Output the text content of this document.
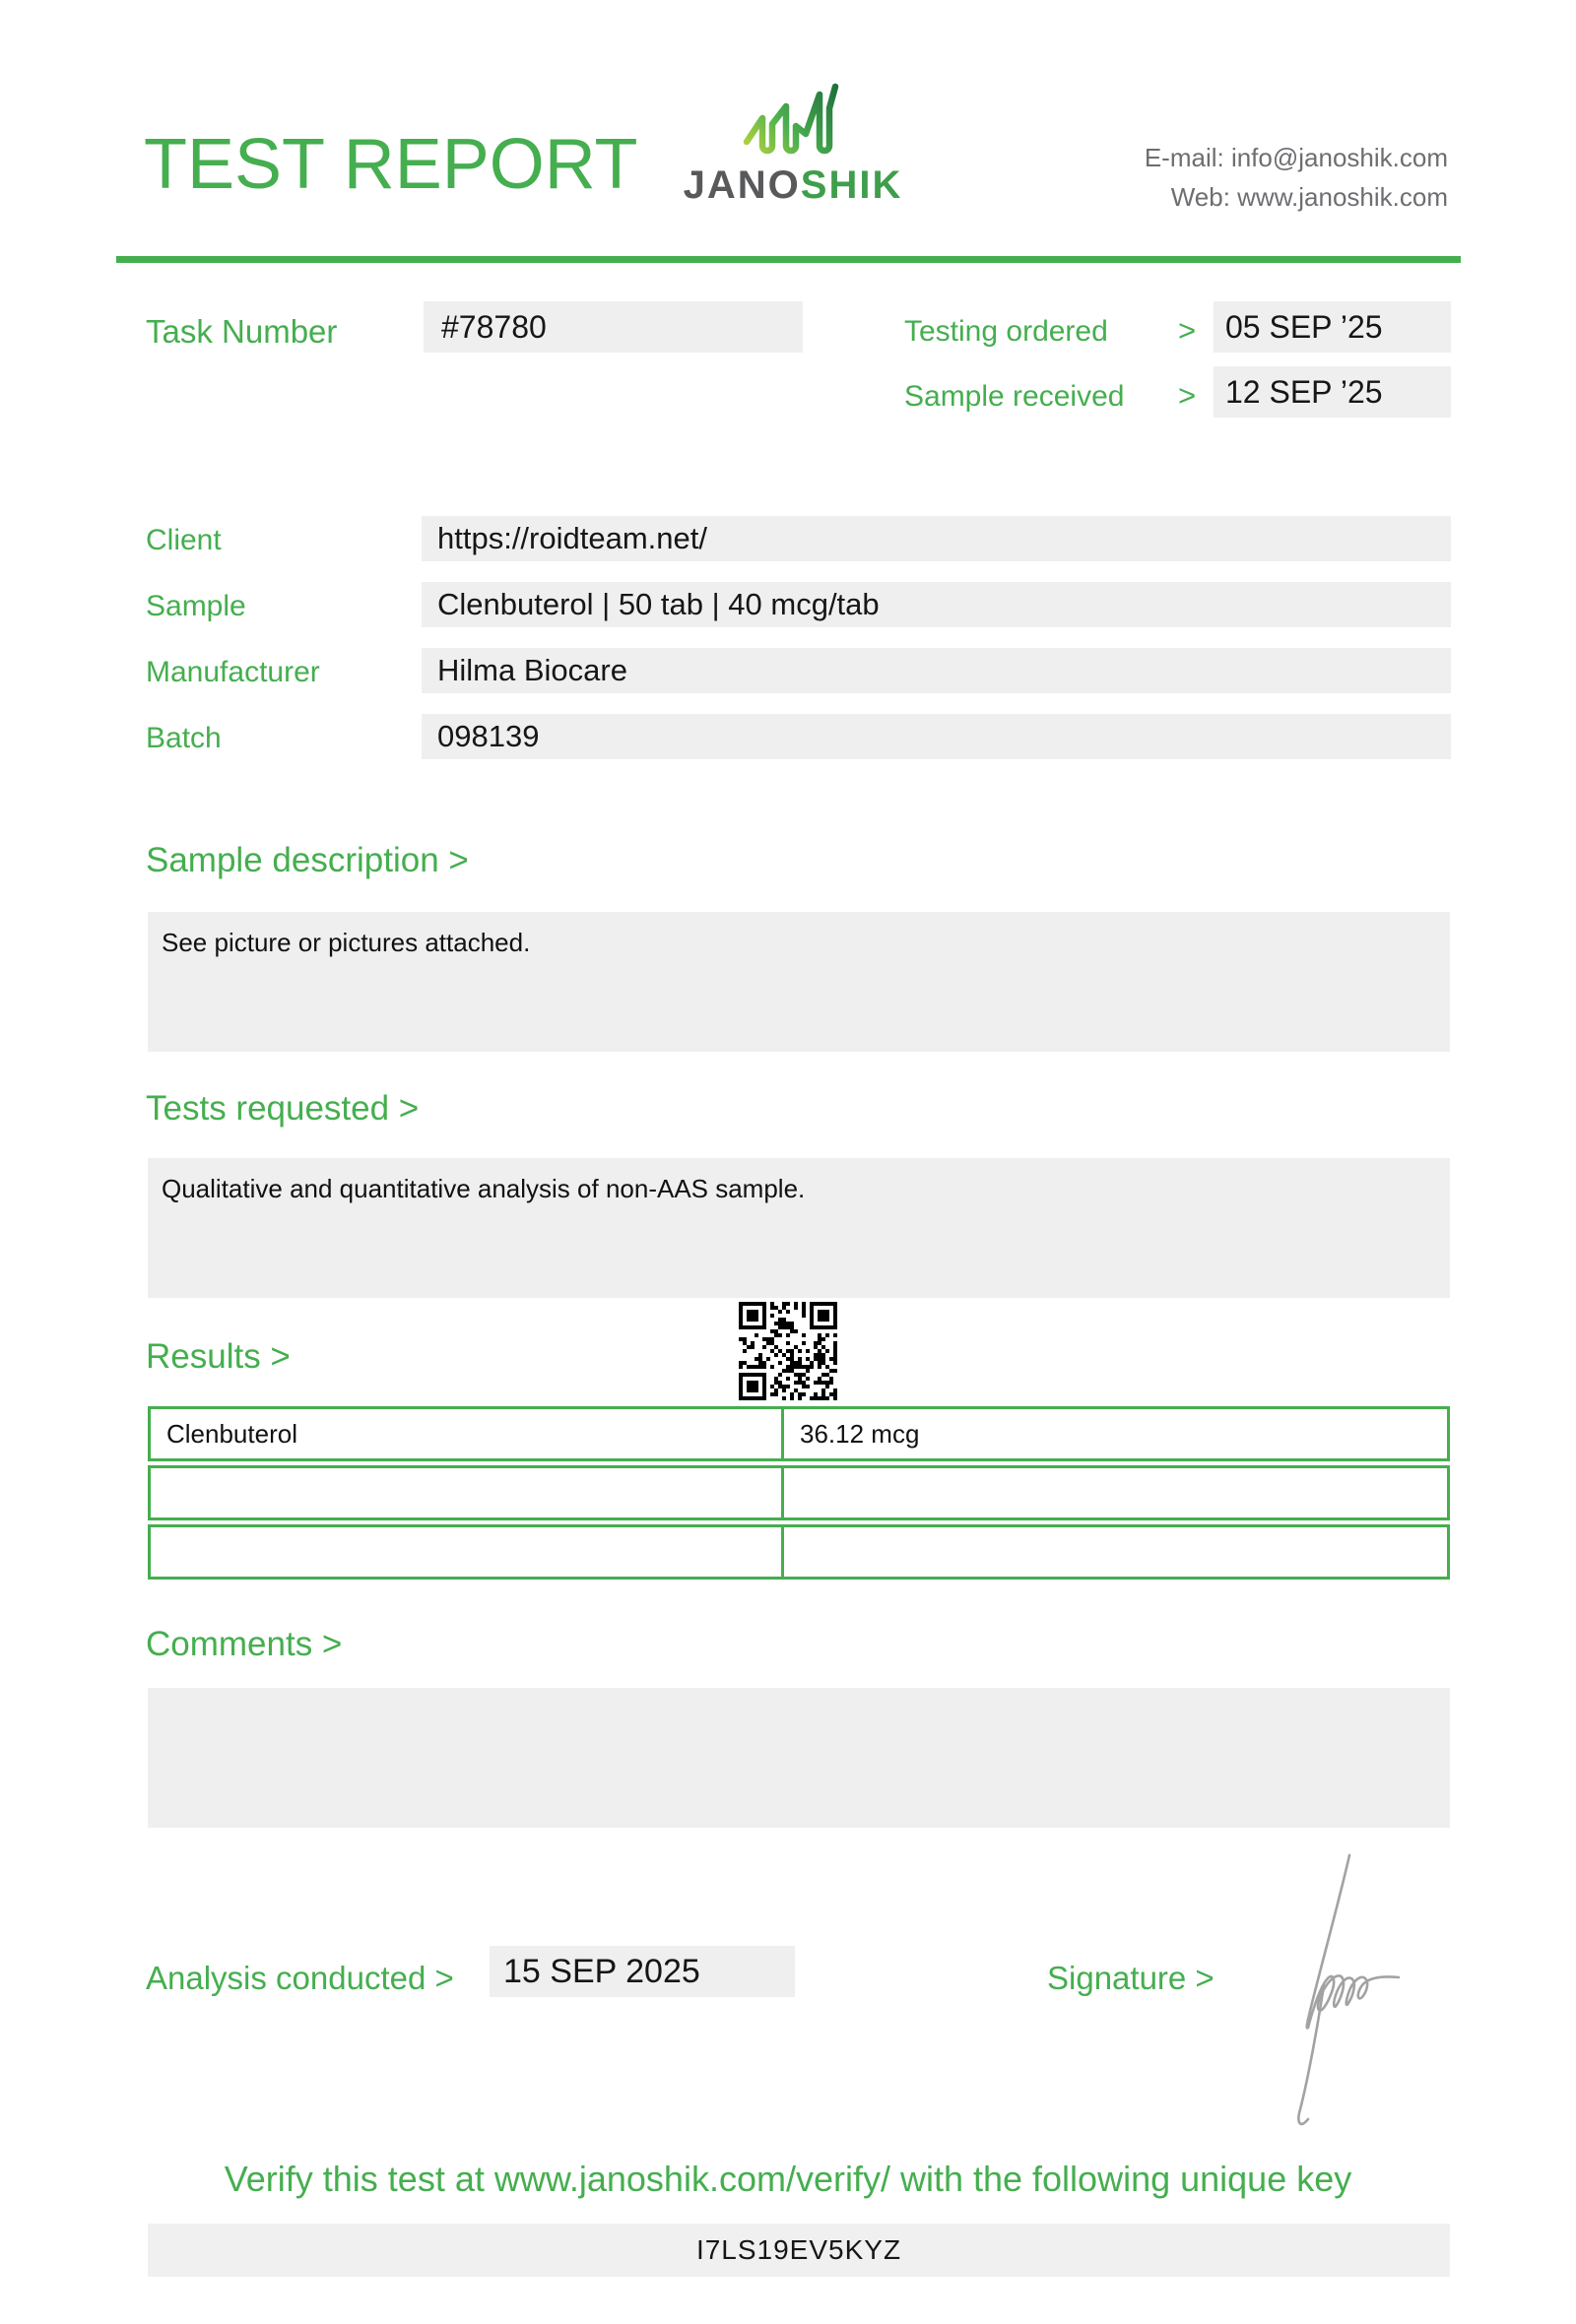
TEST REPORT JANOSHIK
E-mail: info@janoshik.com
Web: www.janoshik.com
Task Number	#78780	Testing ordered > 05 SEP ’25
Sample received > 12 SEP ’25
Client	https://roidteam.net/
Sample	Clenbuterol | 50 tab | 40 mcg/tab
Manufacturer	Hilma Biocare
Batch	098139
Sample description >
See picture or pictures attached.
Tests requested >
Qualitative and quantitative analysis of non-AAS sample.
Results >
Clenbuterol	36.12 mcg
Comments >
Analysis conducted >	15 SEP 2025	Signature >
Verify this test at www.janoshik.com/verify/ with the following unique key
I7LS19EV5KYZ
